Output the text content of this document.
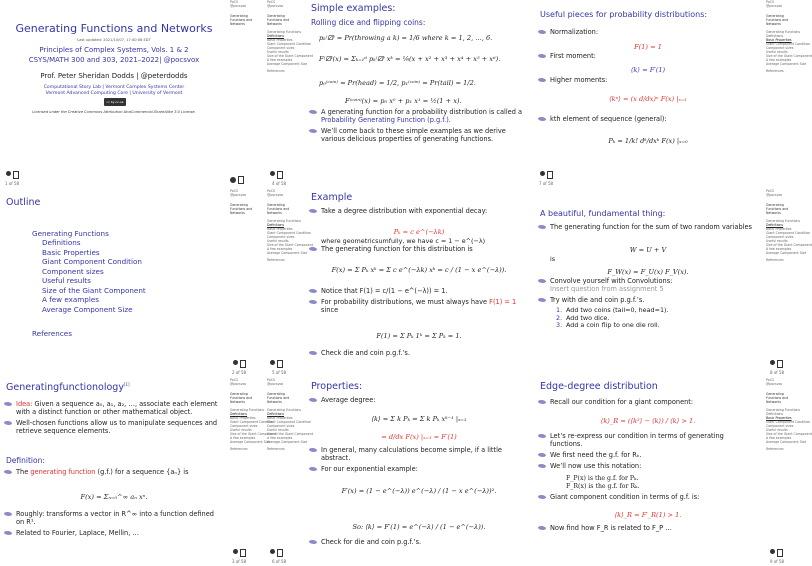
Generating Functions and Networks
Last updated: 2021/10/07, 17:40:08 EDT
Principles of Complex Systems, Vols. 1 & 2
CSYS/MATH 300 and 303, 2021–2022| @pocsvox
Prof. Peter Sheridan Dodds | @peterdodds
Computational Story Lab | Vermont Complex Systems Center
Vermont Advanced Computing Core | University of Vermont
cc by-nc-sa
Licensed under the Creative Commons Attribution-NonCommercial-ShareAlike 3.0 License.
PoCS
@pocsvox
Generating
Functions and
Networks
1 of 58
PoCS
@pocsvox
Generating
Functions and
Networks
Generating Functions
Definitions
Basic Properties
Giant Component Condition
Component sizes
Useful results
Size of the Giant Component
A few examples
Average Component Size
References
Simple examples:
Rolling dice and flipping coins:
pₖ⁽⚂⁾ = Pr(throwing a k) = 1/6 where k = 1, 2, …, 6.
F⁽⚂⁾(x) = Σₖ₌₁⁶ pₖ⁽⚂⁾ xᵏ = ⅙(x + x² + x³ + x⁴ + x⁵ + x⁶).
p₀⁽ᶜᵒⁱⁿ⁾ = Pr(head) = 1/2, p₁⁽ᶜᵒⁱⁿ⁾ = Pr(tail) = 1/2.
F⁽ᶜᵒⁱⁿ⁾(x) = p₀ x⁰ + p₁ x¹ = ½(1 + x).
A generating function for a probability distribution is called a Probability Generating Function (p.g.f.).
We’ll come back to these simple examples as we derive various delicious properties of generating functions.
4 of 58
Useful pieces for probability distributions:
Normalization:
F(1) = 1
First moment:
⟨k⟩ = F′(1)
Higher moments:
⟨kⁿ⟩ = (x d/dx)ⁿ F(x) |ₓ₌₁
kth element of sequence (general):
Pₖ = 1/k! dᵏ/dxᵏ F(x) |ₓ₌₀
PoCS
@pocsvox
Generating
Functions and
Networks
Generating Functions
Definitions
Basic Properties
Giant Component Condition
Component sizes
Useful results
Size of the Giant Component
A few examples
Average Component Size
References
7 of 58
Outline
Generating Functions
Definitions
Basic Properties
Giant Component Condition
Component sizes
Useful results
Size of the Giant Component
A few examples
Average Component Size
References
PoCS
@pocsvox
Generating
Functions and
Networks
2 of 58
PoCS
@pocsvox
Generating
Functions and
Networks
Generating Functions
Definitions
Basic Properties
Giant Component Condition
Component sizes
Useful results
Size of the Giant Component
A few examples
Average Component Size
References
Example
Take a degree distribution with exponential decay:
Pₖ = c e^(−λk)
where geometricsumfully, we have c = 1 − e^(−λ)
The generating function for this distribution is
F(x) = Σ Pₖ xᵏ = Σ c e^(−λk) xᵏ = c / (1 − x e^(−λ)).
Notice that F(1) = c/(1 − e^(−λ)) = 1.
For probability distributions, we must always have F(1) = 1 since
F(1) = Σ Pₖ 1ᵏ = Σ Pₖ = 1.
Check die and coin p.g.f.’s.
5 of 58
A beautiful, fundamental thing:
The generating function for the sum of two random variables
W = U + V
is
F_W(x) = F_U(x) F_V(x).
Convolve yourself with Convolutions:
Insert question from assignment 5
Try with die and coin p.g.f.’s.
1. Add two coins (tail=0, head=1).
2. Add two dice.
3. Add a coin flip to one die roll.
PoCS
@pocsvox
Generating
Functions and
Networks
Generating Functions
Definitions
Basic Properties
Giant Component Condition
Component sizes
Useful results
Size of the Giant Component
A few examples
Average Component Size
References
8 of 58
Generatingfunctionology[1]
Idea: Given a sequence a₀, a₁, a₂, …, associate each element with a distinct function or other mathematical object.
Well-chosen functions allow us to manipulate sequences and retrieve sequence elements.
Definition:
The generating function (g.f.) for a sequence {aₙ} is
F(x) = Σₙ₌₀^∞ aₙ xⁿ.
Roughly: transforms a vector in R^∞ into a function defined on R¹.
Related to Fourier, Laplace, Mellin, …
PoCS
@pocsvox
Generating
Functions and
Networks
Generating Functions
Definitions
Basic Properties
Giant Component Condition
Component sizes
Useful results
Size of the Giant Component
A few examples
Average Component Size
References
3 of 58
PoCS
@pocsvox
Generating
Functions and
Networks
Generating Functions
Definitions
Basic Properties
Giant Component Condition
Component sizes
Useful results
Size of the Giant Component
A few examples
Average Component Size
References
Properties:
Average degree:
⟨k⟩ = Σ k Pₖ = Σ k Pₖ xᵏ⁻¹ |ₓ₌₁
= d/dx F(x) |ₓ₌₁ = F′(1)
In general, many calculations become simple, if a little abstract.
For our exponential example:
F′(x) = (1 − e^(−λ)) e^(−λ) / (1 − x e^(−λ))².
So: ⟨k⟩ = F′(1) = e^(−λ) / (1 − e^(−λ)).
Check for die and coin p.g.f.’s.
6 of 58
Edge-degree distribution
Recall our condition for a giant component:
⟨k⟩_R = (⟨k²⟩ − ⟨k⟩) / ⟨k⟩ > 1.
Let’s re-express our condition in terms of generating functions.
We first need the g.f. for Rₖ.
We’ll now use this notation:
F_P(x) is the g.f. for Pₖ.
F_R(x) is the g.f. for Rₖ.
Giant component condition in terms of g.f. is:
⟨k⟩_R = F′_R(1) > 1.
Now find how F_R is related to F_P …
PoCS
@pocsvox
Generating
Functions and
Networks
Generating Functions
Definitions
Basic Properties
Giant Component Condition
Component sizes
Useful results
Size of the Giant Component
A few examples
Average Component Size
References
9 of 58
